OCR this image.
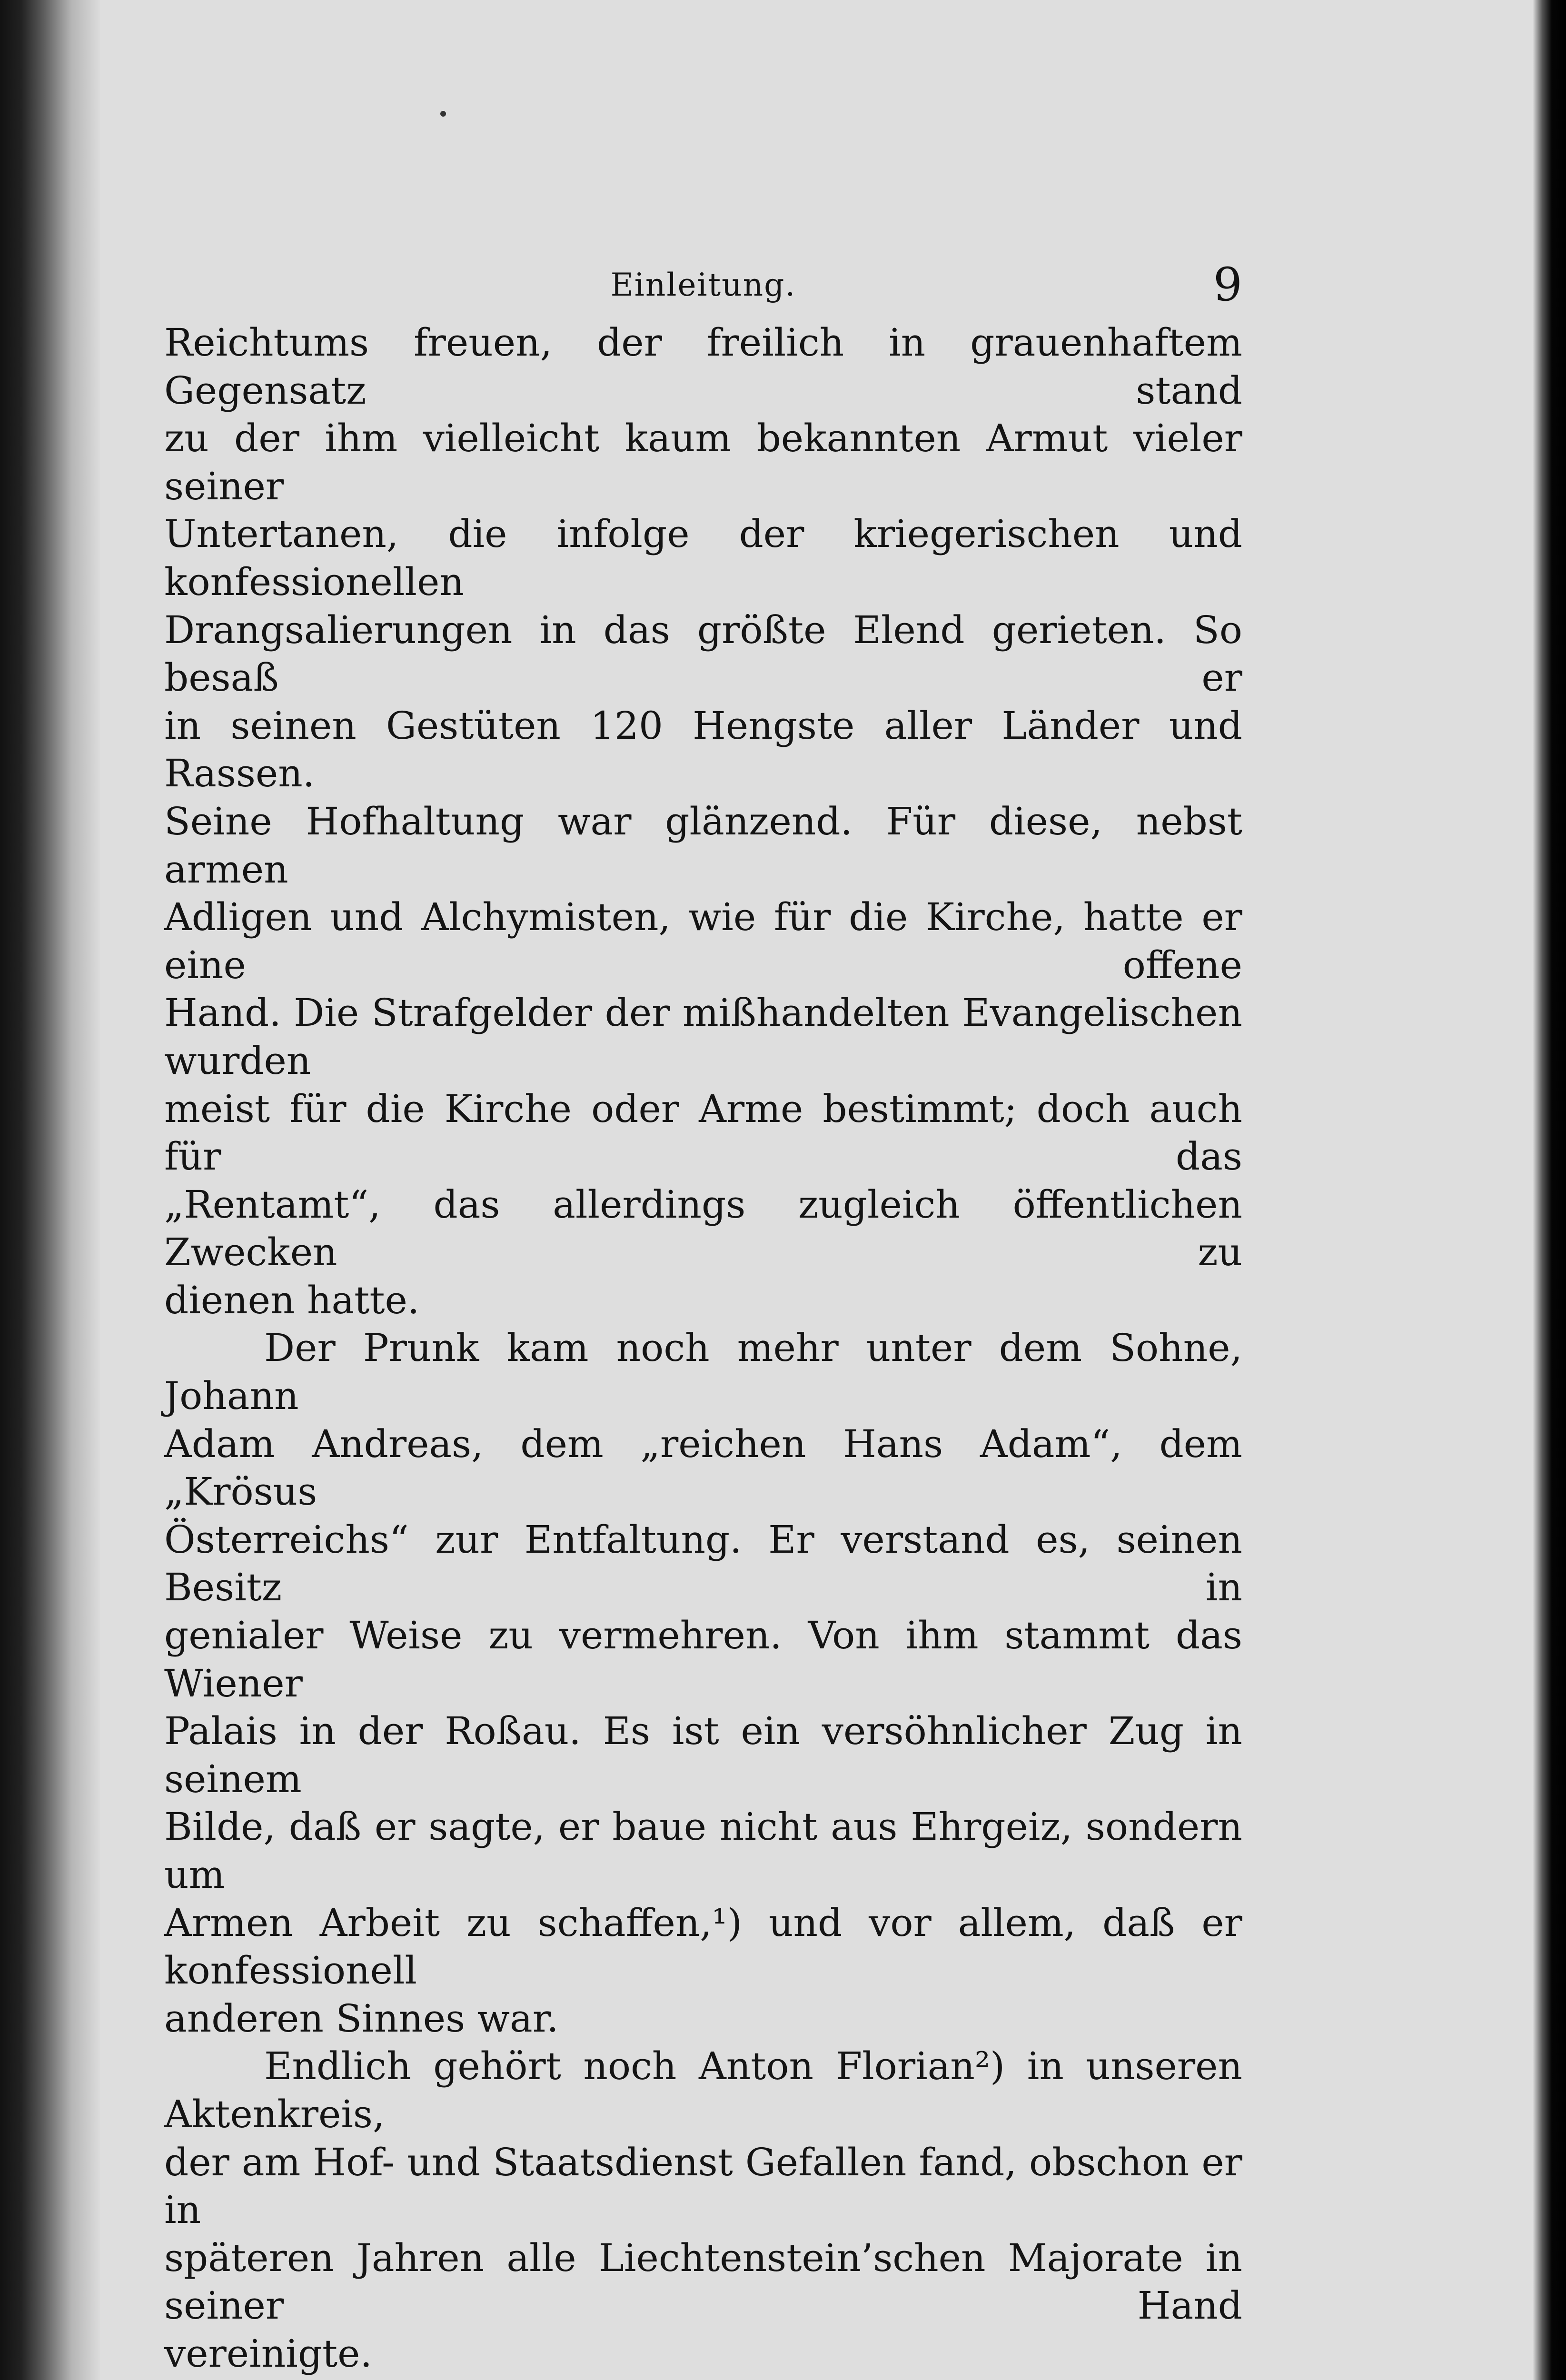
Einleitung.	9

Reichtums freuen, der freilich in grauenhaftem Gegensatz stand

zu der ihm vielleicht kaum bekannten Armut vieler seiner

Untertanen, die infolge der kriegerischen und konfessionellen

Drangsalierungen in das größte Elend gerieten. So besaß er

in seinen Gestüten 120 Hengste aller Länder und Rassen.

Seine Hofhaltung war glänzend. Für diese, nebst armen

Adligen und Alchymisten, wie für die Kirche, hatte er eine offene

Hand. Die Strafgelder der mißhandelten Evangelischen wurden

meist für die Kirche oder Arme bestimmt; doch auch für das

„Rentamt“, das allerdings zugleich öffentlichen Zwecken zu

dienen hatte.

Der Prunk kam noch mehr unter dem Sohne, Johann

Adam Andreas, dem „reichen Hans Adam“, dem „Krösus

Österreichs“ zur Entfaltung. Er verstand es, seinen Besitz in

genialer Weise zu vermehren. Von ihm stammt das Wiener

Palais in der Roßau. Es ist ein versöhnlicher Zug in seinem

Bilde, daß er sagte, er baue nicht aus Ehrgeiz, sondern um

Armen Arbeit zu schaffen,¹) und vor allem, daß er konfessionell

anderen Sinnes war.

Endlich gehört noch Anton Florian²) in unseren Aktenkreis,

der am Hof- und Staatsdienst Gefallen fand, obschon er in

späteren Jahren alle Liechtenstein’schen Majorate in seiner Hand

vereinigte.
